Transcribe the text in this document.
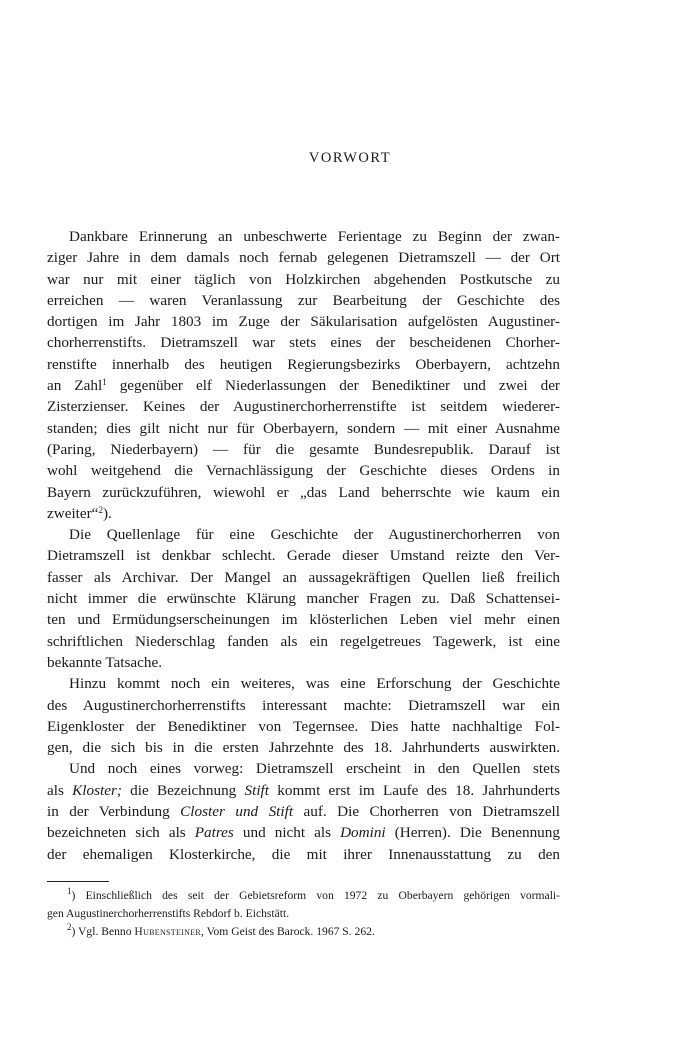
VORWORT
Dankbare Erinnerung an unbeschwerte Ferientage zu Beginn der zwan-
ziger Jahre in dem damals noch fernab gelegenen Dietramszell — der Ort
war nur mit einer täglich von Holzkirchen abgehenden Postkutsche zu
erreichen — waren Veranlassung zur Bearbeitung der Geschichte des
dortigen im Jahr 1803 im Zuge der Säkularisation aufgelösten Augustiner-
chorherrenstifts. Dietramszell war stets eines der bescheidenen Chorher-
renstifte innerhalb des heutigen Regierungsbezirks Oberbayern, achtzehn
an Zahl$^1$ gegenüber elf Niederlassungen der Benediktiner und zwei der
Zisterzienser. Keines der Augustinerchorherrenstifte ist seitdem wiederer-
standen; dies gilt nicht nur für Oberbayern, sondern — mit einer Ausnahme
(Paring, Niederbayern) — für die gesamte Bundesrepublik. Darauf ist
wohl weitgehend die Vernachlässigung der Geschichte dieses Ordens in
Bayern zurückzuführen, wiewohl er „das Land beherrschte wie kaum ein
zweiter“$^2$).
Die Quellenlage für eine Geschichte der Augustinerchorherren von
Dietramszell ist denkbar schlecht. Gerade dieser Umstand reizte den Ver-
fasser als Archivar. Der Mangel an aussagekräftigen Quellen ließ freilich
nicht immer die erwünschte Klärung mancher Fragen zu. Daß Schattensei-
ten und Ermüdungserscheinungen im klösterlichen Leben viel mehr einen
schriftlichen Niederschlag fanden als ein regelgetreues Tagewerk, ist eine
bekannte Tatsache.
Hinzu kommt noch ein weiteres, was eine Erforschung der Geschichte
des Augustinerchorherrenstifts interessant machte: Dietramszell war ein
Eigenkloster der Benediktiner von Tegernsee. Dies hatte nachhaltige Fol-
gen, die sich bis in die ersten Jahrzehnte des 18. Jahrhunderts auswirkten.
Und noch eines vorweg: Dietramszell erscheint in den Quellen stets
als Kloster; die Bezeichnung Stift kommt erst im Laufe des 18. Jahrhunderts
in der Verbindung Closter und Stift auf. Die Chorherren von Dietramszell
bezeichneten sich als Patres und nicht als Domini (Herren). Die Benennung
der ehemaligen Klosterkirche, die mit ihrer Innenausstattung zu den
$^1$) Einschließlich des seit der Gebietsreform von 1972 zu Oberbayern gehörigen vormali-
gen Augustinerchorherrenstifts Rebdorf b. Eichstätt.
$^2$) Vgl. Benno Hubensteiner, Vom Geist des Barock. 1967 S. 262.
